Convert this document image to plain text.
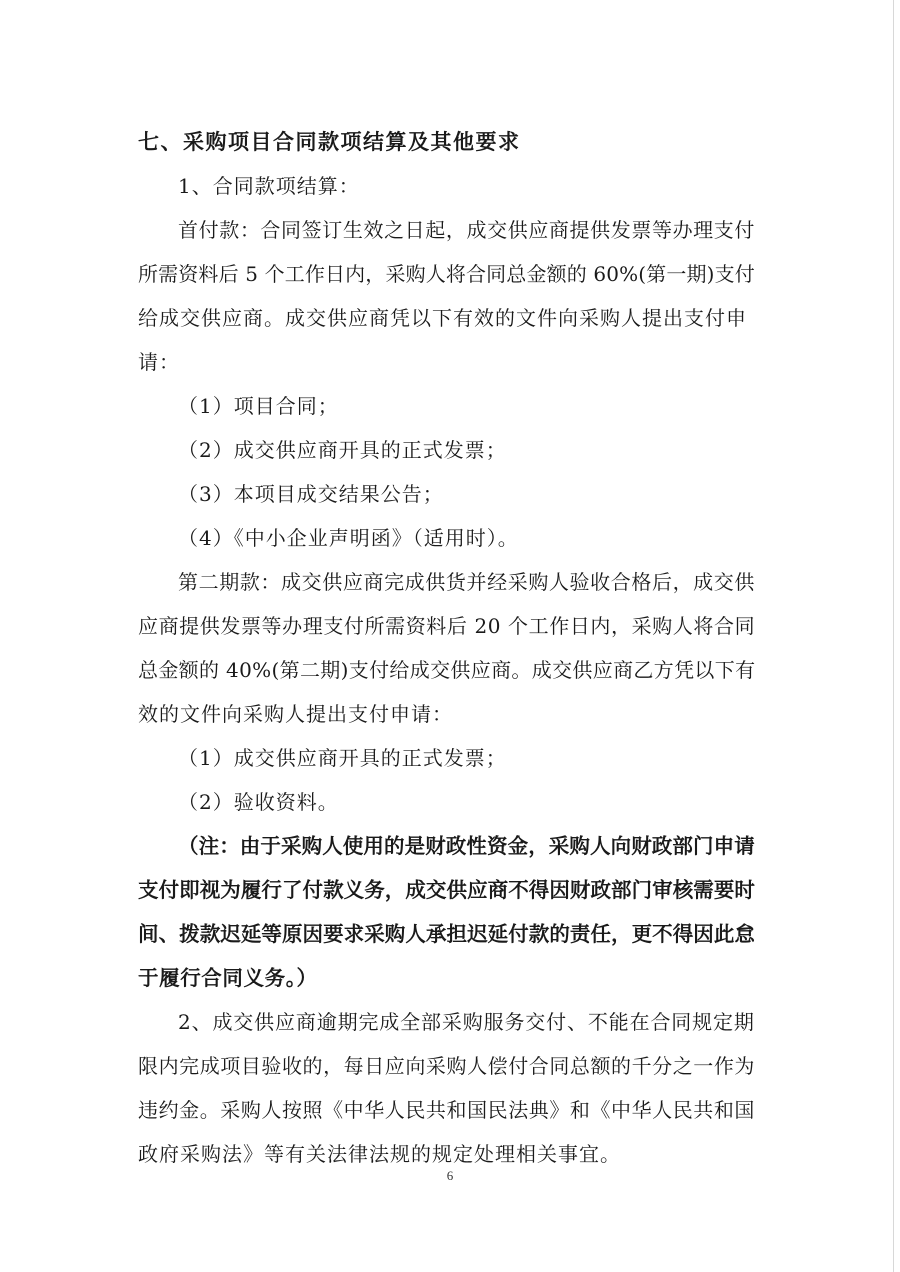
七、采购项目合同款项结算及其他要求
1、合同款项结算：
首付款：合同签订生效之日起，成交供应商提供发票等办理支付
所需资料后 5 个工作日内，采购人将合同总金额的 60%(第一期)支付
给成交供应商。成交供应商凭以下有效的文件向采购人提出支付申
请：
（1）项目合同；
（2）成交供应商开具的正式发票；
（3）本项目成交结果公告；
（4）《中小企业声明函》（适用时）。
第二期款：成交供应商完成供货并经采购人验收合格后，成交供
应商提供发票等办理支付所需资料后 20 个工作日内，采购人将合同
总金额的 40%(第二期)支付给成交供应商。成交供应商乙方凭以下有
效的文件向采购人提出支付申请：
（1）成交供应商开具的正式发票；
（2）验收资料。
（注：由于采购人使用的是财政性资金，采购人向财政部门申请
支付即视为履行了付款义务，成交供应商不得因财政部门审核需要时
间、拨款迟延等原因要求采购人承担迟延付款的责任，更不得因此怠
于履行合同义务。）
2、成交供应商逾期完成全部采购服务交付、不能在合同规定期
限内完成项目验收的，每日应向采购人偿付合同总额的千分之一作为
违约金。采购人按照《中华人民共和国民法典》和《中华人民共和国
政府采购法》等有关法律法规的规定处理相关事宜。
6
